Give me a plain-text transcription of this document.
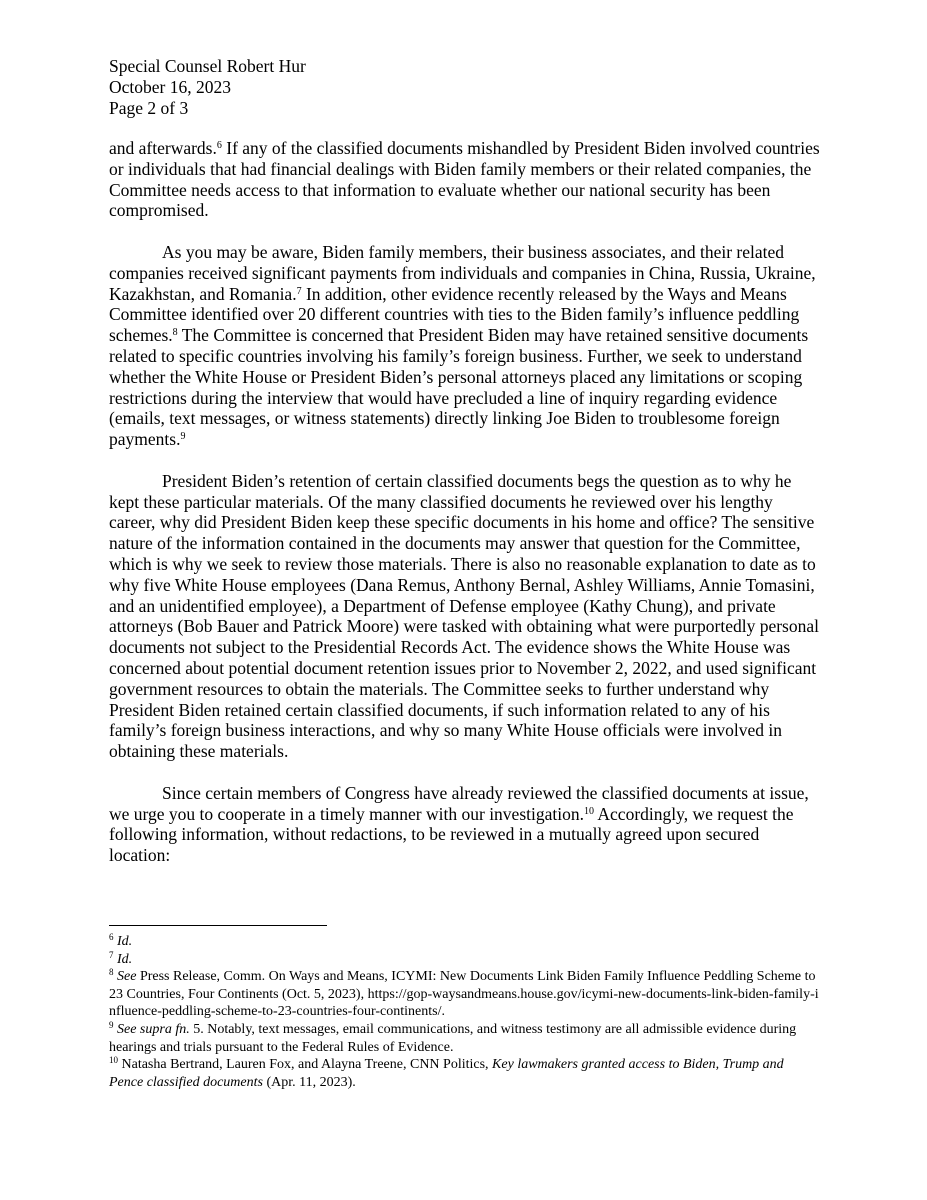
Special Counsel Robert Hur
October 16, 2023
Page 2 of 3

and afterwards.$^6$ If any of the classified documents mishandled by President Biden involved countries or individuals that had financial dealings with Biden family members or their related companies, the Committee needs access to that information to evaluate whether our national security has been compromised.

As you may be aware, Biden family members, their business associates, and their related companies received significant payments from individuals and companies in China, Russia, Ukraine, Kazakhstan, and Romania.$^7$ In addition, other evidence recently released by the Ways and Means Committee identified over 20 different countries with ties to the Biden family’s influence peddling schemes.$^8$ The Committee is concerned that President Biden may have retained sensitive documents related to specific countries involving his family’s foreign business. Further, we seek to understand whether the White House or President Biden’s personal attorneys placed any limitations or scoping restrictions during the interview that would have precluded a line of inquiry regarding evidence (emails, text messages, or witness statements) directly linking Joe Biden to troublesome foreign payments.$^9$

President Biden’s retention of certain classified documents begs the question as to why he kept these particular materials. Of the many classified documents he reviewed over his lengthy career, why did President Biden keep these specific documents in his home and office? The sensitive nature of the information contained in the documents may answer that question for the Committee, which is why we seek to review those materials. There is also no reasonable explanation to date as to why five White House employees (Dana Remus, Anthony Bernal, Ashley Williams, Annie Tomasini, and an unidentified employee), a Department of Defense employee (Kathy Chung), and private attorneys (Bob Bauer and Patrick Moore) were tasked with obtaining what were purportedly personal documents not subject to the Presidential Records Act. The evidence shows the White House was concerned about potential document retention issues prior to November 2, 2022, and used significant government resources to obtain the materials. The Committee seeks to further understand why President Biden retained certain classified documents, if such information related to any of his family’s foreign business interactions, and why so many White House officials were involved in obtaining these materials.

Since certain members of Congress have already reviewed the classified documents at issue, we urge you to cooperate in a timely manner with our investigation.$^{10}$ Accordingly, we request the following information, without redactions, to be reviewed in a mutually agreed upon secured location:

$^6$ Id.

$^7$ Id.

$^8$ See Press Release, Comm. On Ways and Means, ICYMI: New Documents Link Biden Family Influence Peddling Scheme to 23 Countries, Four Continents (Oct. 5, 2023), https://gop-waysandmeans.house.gov/icymi-new-documents-link-biden-family-influence-peddling-scheme-to-23-countries-four-continents/.

$^9$ See supra fn. 5. Notably, text messages, email communications, and witness testimony are all admissible evidence during hearings and trials pursuant to the Federal Rules of Evidence.

$^{10}$ Natasha Bertrand, Lauren Fox, and Alayna Treene, CNN Politics, Key lawmakers granted access to Biden, Trump and Pence classified documents (Apr. 11, 2023).
